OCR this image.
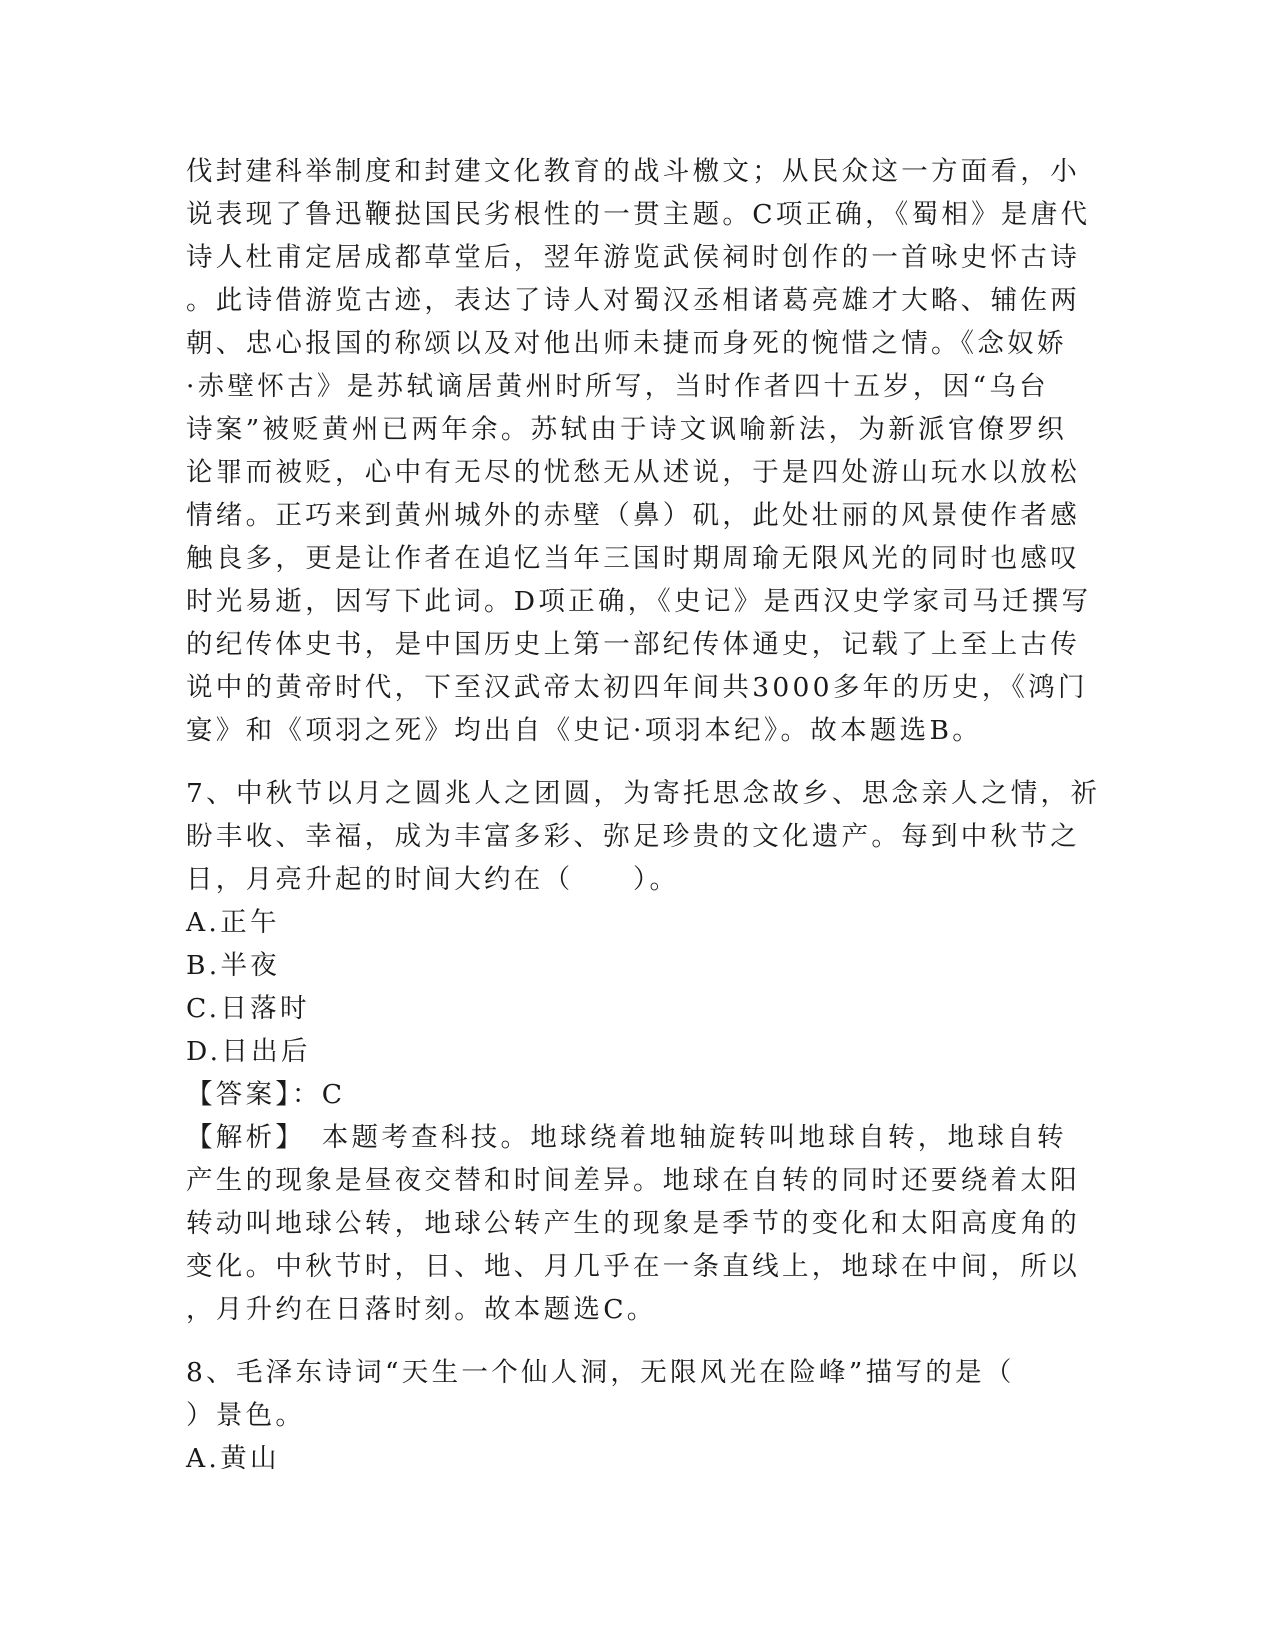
伐封建科举制度和封建文化教育的战斗檄文；从民众这一方面看，小
说表现了鲁迅鞭挞国民劣根性的一贯主题。C项正确，《蜀相》是唐代
诗人杜甫定居成都草堂后，翌年游览武侯祠时创作的一首咏史怀古诗
。此诗借游览古迹，表达了诗人对蜀汉丞相诸葛亮雄才大略、辅佐两
朝、忠心报国的称颂以及对他出师未捷而身死的惋惜之情。《念奴娇
·赤壁怀古》是苏轼谪居黄州时所写，当时作者四十五岁，因“乌台
诗案”被贬黄州已两年余。苏轼由于诗文讽喻新法，为新派官僚罗织
论罪而被贬，心中有无尽的忧愁无从述说，于是四处游山玩水以放松
情绪。正巧来到黄州城外的赤壁（鼻）矶，此处壮丽的风景使作者感
触良多，更是让作者在追忆当年三国时期周瑜无限风光的同时也感叹
时光易逝，因写下此词。D项正确，《史记》是西汉史学家司马迁撰写
的纪传体史书，是中国历史上第一部纪传体通史，记载了上至上古传
说中的黄帝时代，下至汉武帝太初四年间共3000多年的历史，《鸿门
宴》和《项羽之死》均出自《史记·项羽本纪》。故本题选B。
7、中秋节以月之圆兆人之团圆，为寄托思念故乡、思念亲人之情，祈
盼丰收、幸福，成为丰富多彩、弥足珍贵的文化遗产。每到中秋节之
日，月亮升起的时间大约在（　　）。
A.正午
B.半夜
C.日落时
D.日出后
【答案】：C
【解析】　本题考查科技。地球绕着地轴旋转叫地球自转，地球自转
产生的现象是昼夜交替和时间差异。地球在自转的同时还要绕着太阳
转动叫地球公转，地球公转产生的现象是季节的变化和太阳高度角的
变化。中秋节时，日、地、月几乎在一条直线上，地球在中间，所以
，月升约在日落时刻。故本题选C。
8、毛泽东诗词“天生一个仙人洞，无限风光在险峰”描写的是（
）景色。
A.黄山
